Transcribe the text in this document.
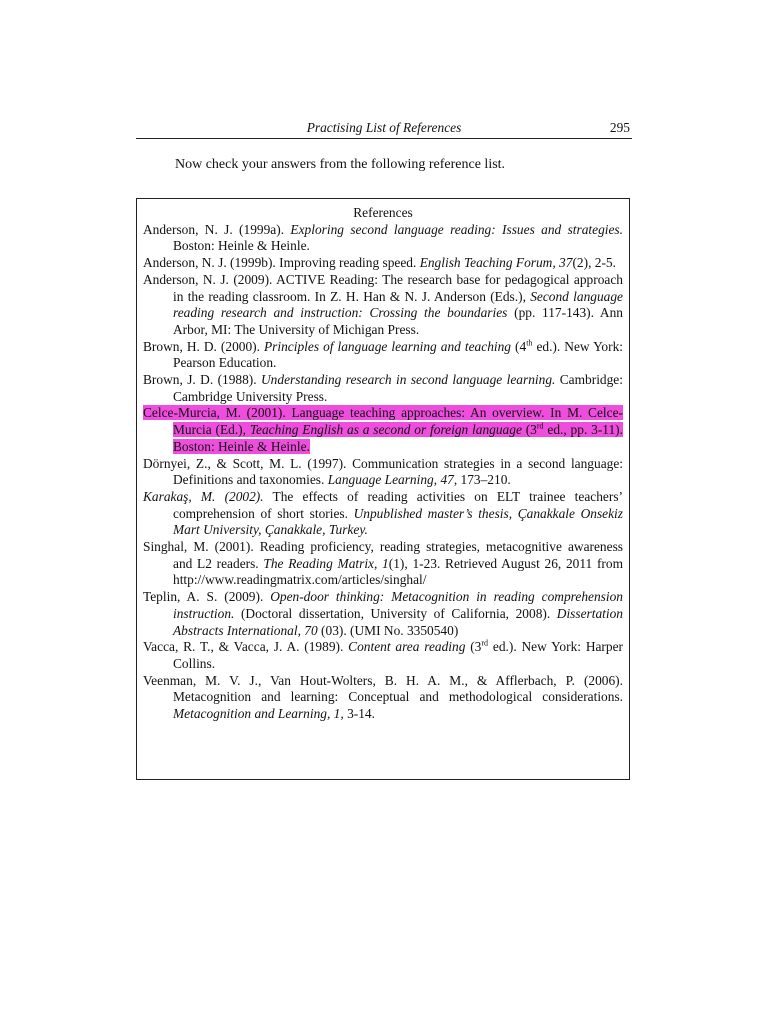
Practising List of References	295
Now check your answers from the following reference list.
References

Anderson, N. J. (1999a). Exploring second language reading: Issues and strategies. Boston: Heinle & Heinle.

Anderson, N. J. (1999b). Improving reading speed. English Teaching Forum, 37(2), 2-5.

Anderson, N. J. (2009). ACTIVE Reading: The research base for pedagogical approach in the reading classroom. In Z. H. Han & N. J. Anderson (Eds.), Second language reading research and instruction: Crossing the boundaries (pp. 117-143). Ann Arbor, MI: The University of Michigan Press.

Brown, H. D. (2000). Principles of language learning and teaching (4th ed.). New York: Pearson Education.

Brown, J. D. (1988). Understanding research in second language learning. Cambridge: Cambridge University Press.

Celce-Murcia, M. (2001). Language teaching approaches: An overview. In M. Celce-Murcia (Ed.), Teaching English as a second or foreign language (3rd ed., pp. 3-11). Boston: Heinle & Heinle.

Dörnyei, Z., & Scott, M. L. (1997). Communication strategies in a second language: Definitions and taxonomies. Language Learning, 47, 173–210.

Karakaş, M. (2002). The effects of reading activities on ELT trainee teachers’ comprehension of short stories. Unpublished master’s thesis, Çanakkale Onsekiz Mart University, Çanakkale, Turkey.

Singhal, M. (2001). Reading proficiency, reading strategies, metacognitive awareness and L2 readers. The Reading Matrix, 1(1), 1-23. Retrieved August 26, 2011 from http://www.readingmatrix.com/articles/singhal/

Teplin, A. S. (2009). Open-door thinking: Metacognition in reading comprehension instruction. (Doctoral dissertation, University of California, 2008). Dissertation Abstracts International, 70 (03). (UMI No. 3350540)

Vacca, R. T., & Vacca, J. A. (1989). Content area reading (3rd ed.). New York: Harper Collins.

Veenman, M. V. J., Van Hout-Wolters, B. H. A. M., & Afflerbach, P. (2006). Metacognition and learning: Conceptual and methodological considerations. Metacognition and Learning, 1, 3-14.
